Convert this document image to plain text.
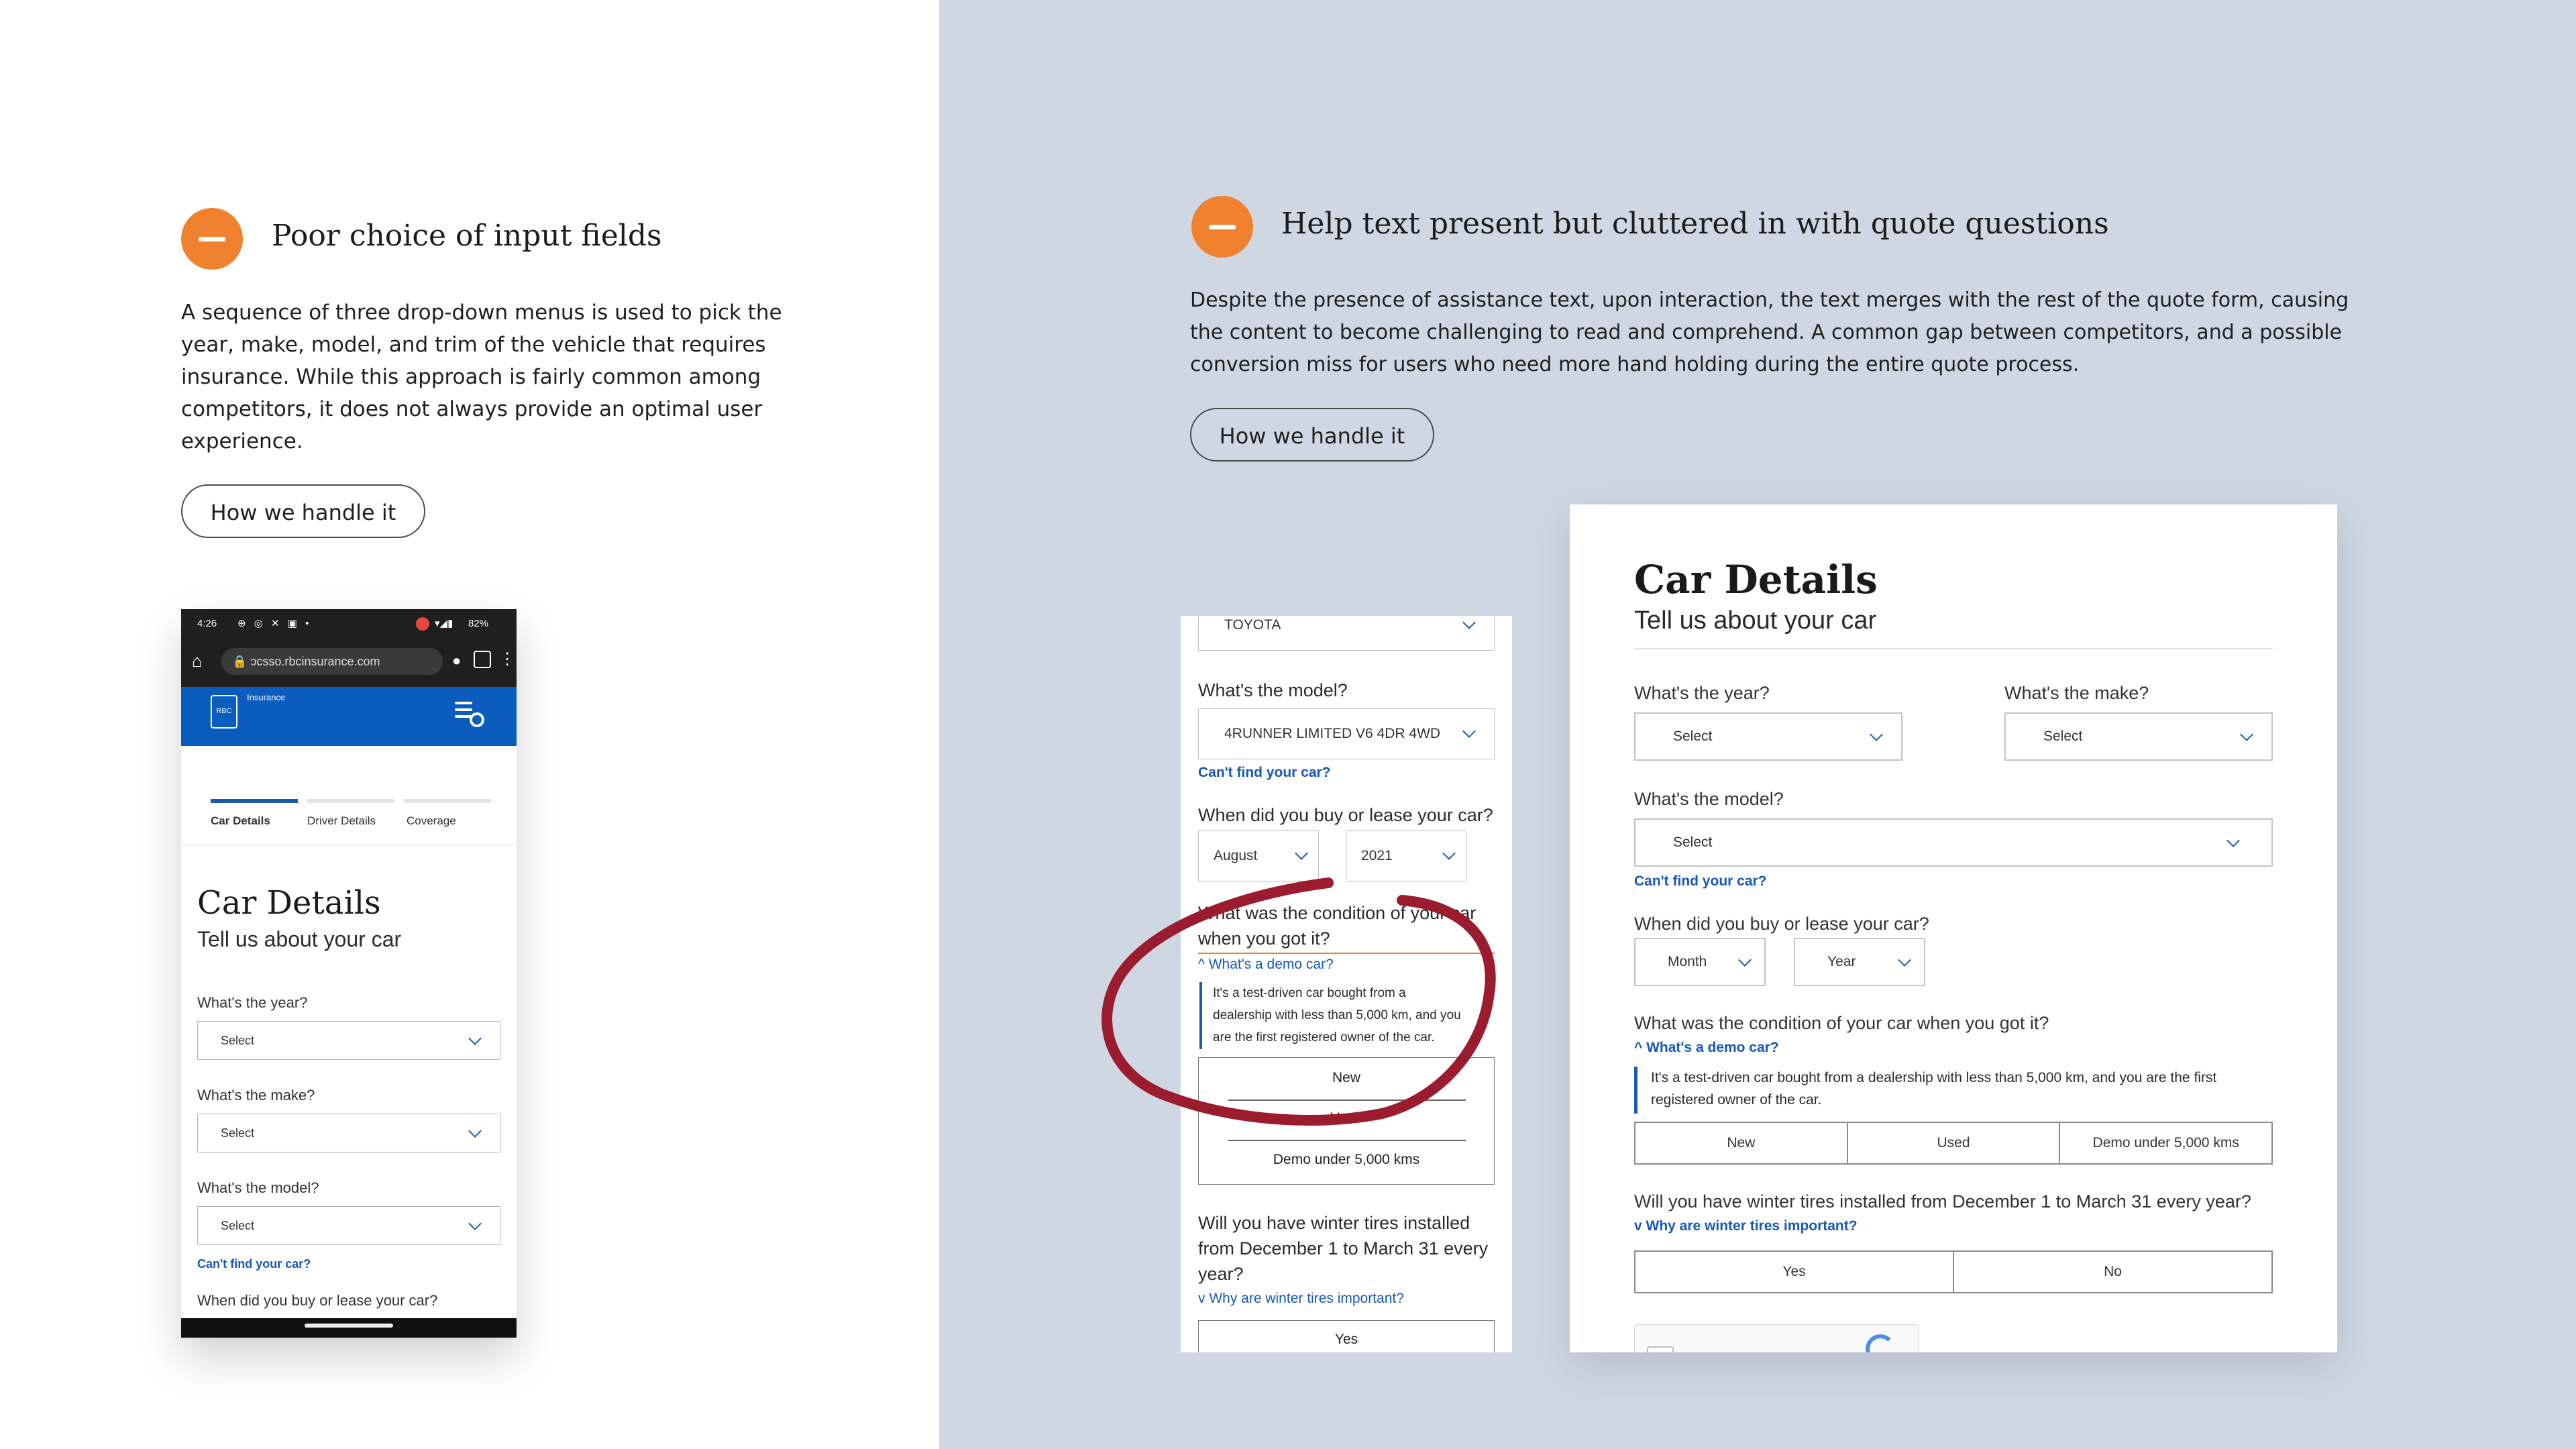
Poor choice of input fields
A sequence of three drop-down menus is used to pick the
year, make, model, and trim of the vehicle that requires
insurance. While this approach is fairly common among
competitors, it does not always provide an optimal user
experience.
How we handle it
4:26 ⊕ ◎ ✕ ▣ •	▾◢▮ 82%
⌂	🔒 ɔcsso.rbcinsurance.com	● ⋮
RBC
Insurance
Car Details	Driver Details	Coverage
Car Details
Tell us about your car
What's the year?
Select
What's the make?
Select
What's the model?
Select
Can't find your car?
When did you buy or lease your car?
Help text present but cluttered in with quote questions
Despite the presence of assistance text, upon interaction, the text merges with the rest of the quote form, causing
the content to become challenging to read and comprehend. A common gap between competitors, and a possible
conversion miss for users who need more hand holding during the entire quote process.
How we handle it
TOYOTA
What's the model?
4RUNNER LIMITED V6 4DR 4WD
Can't find your car?
When did you buy or lease your car?
August	2021
What was the condition of your car
when you got it?
^ What's a demo car?
It's a test-driven car bought from a
dealership with less than 5,000 km, and you
are the first registered owner of the car.
New
Used
Demo under 5,000 kms
Will you have winter tires installed
from December 1 to March 31 every
year?
v Why are winter tires important?
Yes
Car Details
Tell us about your car
What's the year?
Select
What's the make?
Select
What's the model?
Select
Can't find your car?
When did you buy or lease your car?
Month	Year
What was the condition of your car when you got it?
^ What's a demo car?
It's a test-driven car bought from a dealership with less than 5,000 km, and you are the first
registered owner of the car.
New	Used	Demo under 5,000 kms
Will you have winter tires installed from December 1 to March 31 every year?
v Why are winter tires important?
Yes	No
